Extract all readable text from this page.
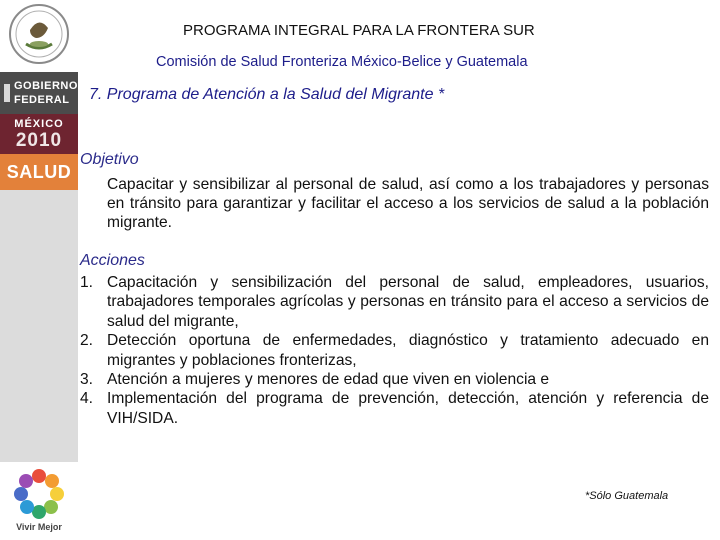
GOBIERNO
FEDERAL
MÉXICO
2010
SALUD
Vivir Mejor
PROGRAMA INTEGRAL PARA LA FRONTERA SUR
Comisión de Salud Fronteriza México-Belice y Guatemala
7. Programa de Atención a la Salud del Migrante *
Objetivo
Capacitar y sensibilizar al personal de salud, así como a los trabajadores y personas en tránsito para garantizar y facilitar el acceso a los servicios de salud a la población migrante.
Acciones
1. Capacitación y sensibilización del personal de salud, empleadores, usuarios, trabajadores temporales agrícolas y personas en tránsito para el acceso a servicios de salud del migrante,
2. Detección oportuna de enfermedades, diagnóstico y tratamiento adecuado en migrantes y poblaciones fronterizas,
3. Atención a mujeres y menores de edad que viven en violencia e
4. Implementación del programa de prevención, detección, atención y referencia de VIH/SIDA.
*Sólo Guatemala
